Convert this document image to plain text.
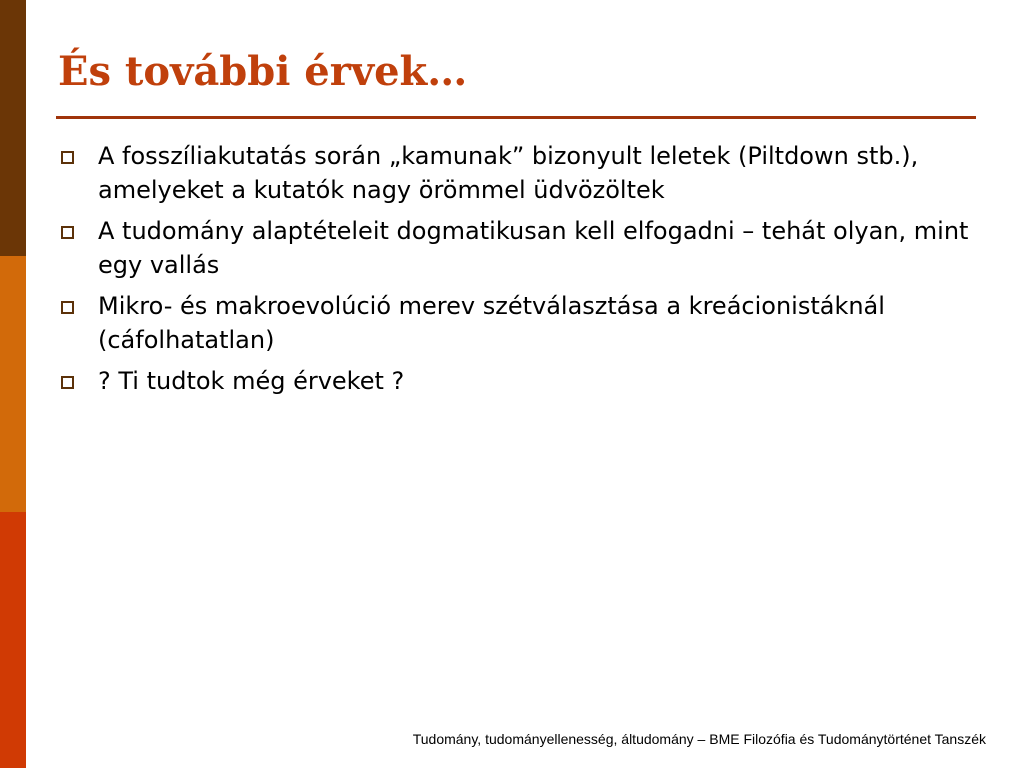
És további érvek…
A fosszíliakutatás során „kamunak” bizonyult leletek (Piltdown stb.), amelyeket a kutatók nagy örömmel üdvözöltek
A tudomány alaptételeit dogmatikusan kell elfogadni – tehát olyan, mint egy vallás
Mikro- és makroevolúció merev szétválasztása a kreácionistáknál (cáfolhatatlan)
? Ti tudtok még érveket ?

Tudomány, tudományellenesség, áltudomány – BME Filozófia és Tudománytörténet Tanszék
